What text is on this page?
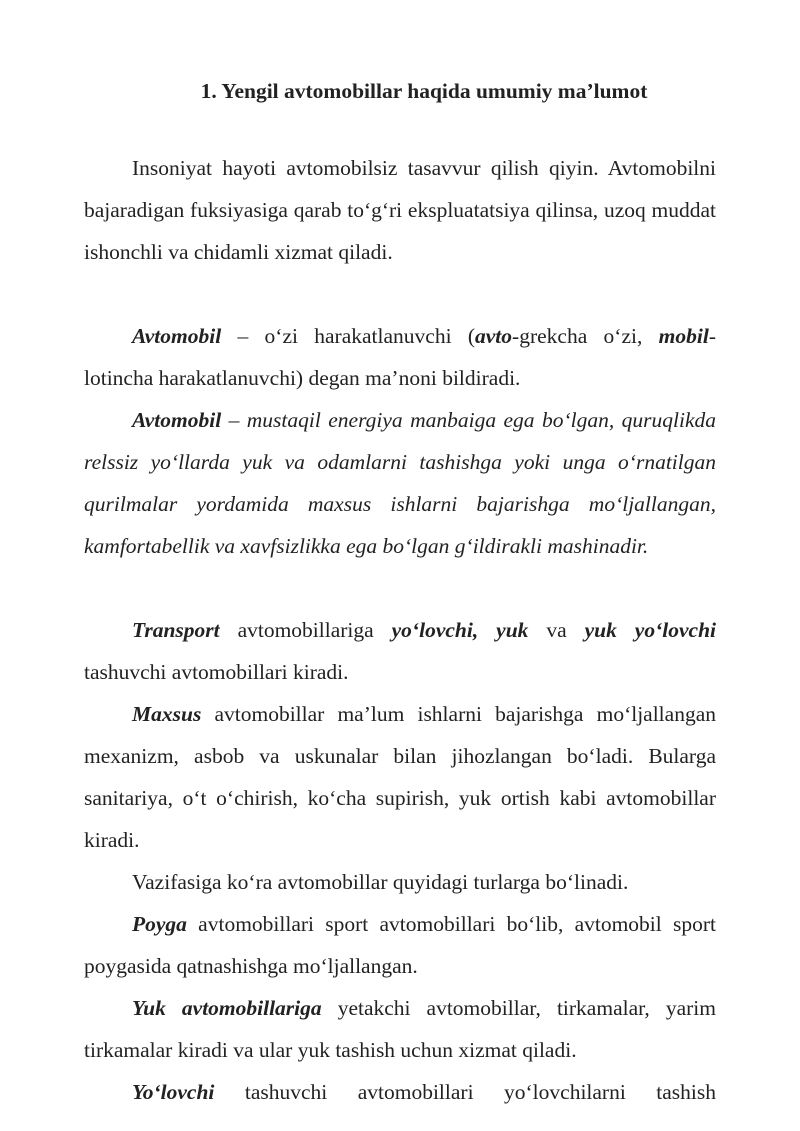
1. Yengil avtomobillar haqida umumiy ma’lumot

Insoniyat hayoti avtomobilsiz tasavvur qilish qiyin. Avtomobilni bajaradigan fuksiyasiga qarab to‘g‘ri ekspluatatsiya qilinsa, uzoq muddat ishonchli va chidamli xizmat qiladi.

Avtomobil – o‘zi harakatlanuvchi (avto-grekcha o‘zi, mobil-lotincha harakatlanuvchi) degan ma’noni bildiradi.

Avtomobil – mustaqil energiya manbaiga ega bo‘lgan, quruqlikda relssiz yo‘llarda yuk va odamlarni tashishga yoki unga o‘rnatilgan qurilmalar yordamida maxsus ishlarni bajarishga mo‘ljallangan, kamfortabellik va xavfsizlikka ega bo‘lgan g‘ildirakli mashinadir.

Transport avtomobillariga yo‘lovchi, yuk va yuk yo‘lovchi tashuvchi avtomobillari kiradi.

Maxsus avtomobillar ma’lum ishlarni bajarishga mo‘ljallangan mexanizm, asbob va uskunalar bilan jihozlangan bo‘ladi. Bularga sanitariya, o‘t o‘chirish, ko‘cha supirish, yuk ortish kabi avtomobillar kiradi.

Vazifasiga ko‘ra avtomobillar quyidagi turlarga bo‘linadi.

Poyga avtomobillari sport avtomobillari bo‘lib, avtomobil sport poygasida qatnashishga mo‘ljallangan.

Yuk avtomobillariga yetakchi avtomobillar, tirkamalar, yarim tirkamalar kiradi va ular yuk tashish uchun xizmat qiladi.

Yo‘lovchi tashuvchi avtomobillari yo‘lovchilarni tashish
